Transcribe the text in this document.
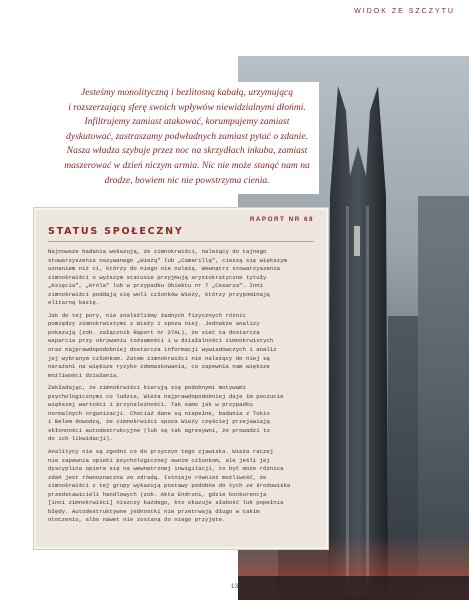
WIDOK ZE SZCZYTU
Jesteśmy monolityczną i bezlitosną kabałą, urzymującą
i rozszerzającą sferę swoich wpływów niewidzialnymi dłońmi.
Infiltrujemy zamiast atakować, korumpujemy zamiast
dyskutować, zastraszamy podwładnych zamiast pytać o zdanie.
Nasza władza szybuje przez noc na skrzydłach inkuba, zamiast
maszerować w dzień niczym armia. Nic nie może stanąć nam na
drodze, bowiem nic nie powstrzyma cienia.
RAPORT NR 68
STATUS SPOŁECZNY
Najnowsze badania wskazują, że zimnokrwiści, należący do tajnego
stowarzyszenia nazywanego „Wieżą” lub „Camarillą”, cieszą się większym
uznaniem niż ci, którzy do niego nie należą. Wewnątrz stowarzyszenia
zimnokrwiści o wyższym statusie przyjmują arystokratyczne tytuły
„Księcia”, „Króla” lub w przypadku Obiektu nr 7 „Cesarza”. Inni
zimnokrwiści poddają się woli członków Wieży, którzy przypominają
elitarną kastę.
Jak do tej pory, nie znaleźliśmy żadnych fizycznych różnic
pomiędzy zimnokrwistymi z Wieży i spoza niej. Jednakże analizy
pokazują (zob. załącznik Raport nr 27AL), że sieć ta dostarcza
wsparcia przy ukrywaniu tożsamości i w działalności zimnokrwistych
oraz najprawdopodobniej dostarcza informacji wywiadowczych i analiz
jej wybranym członkom. Zatem zimnokrwiści nie należący do niej są
narażeni na większe ryzyko zdemaskowania, co zapewnia nam większe
możliwości działania.
Zakładając, że zimnokrwiści kierują się podobnymi motywami
psychologicznymi co ludzie, Wieża najprawdopodobniej daje im poczucie
większej wartości i przynależności. Tak samo jak w przypadku
normalnych organizacji. Chociaż dane są niepełne, badania z Tokio
i Belem dowodzą, że zimnokrwiści spoza Wieży częściej przejawiają
skłonności autodestrukcyjne (lub są tak agresywni, że prowadzi to
do ich likwidacji).
Analitycy nie są zgodni co do przyczyn tego zjawiska. Wieża raczej
nie zapewnia opieki psychologicznej swoim członkom, ale jeśli jej
dyscyplina opiera się na wewnętrznej inwigilacji, to być może różnica
zdań jest równoznaczna ze zdradą. Istnieje również możliwość, że
zimnokrwiści z tej grupy wykazują postawy podobne do tych ze środowiska
przedstawicieli handlowych (zob. Akta Endroni, gdzie konkurencja
[inni zimnokrwiści] niszczy każdego, kto okazuje słabość lub popełnia
błędy. Autodestruktywne jednostki nie przetrwają długo w takim
otoczeniu, albo nawet nie zostaną do niego przyjęte.
13
